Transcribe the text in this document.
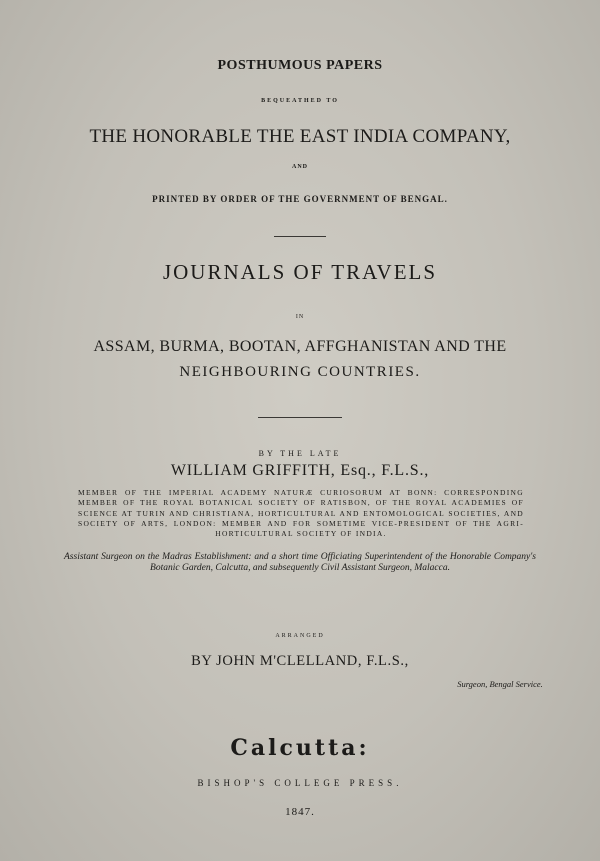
POSTHUMOUS PAPERS
BEQUEATHED TO
THE HONORABLE THE EAST INDIA COMPANY,
AND
PRINTED BY ORDER OF THE GOVERNMENT OF BENGAL.
JOURNALS OF TRAVELS
IN
ASSAM, BURMA, BOOTAN, AFFGHANISTAN AND THE
NEIGHBOURING COUNTRIES.
BY THE LATE
WILLIAM GRIFFITH, Esq., F.L.S.,
MEMBER OF THE IMPERIAL ACADEMY NATURÆ CURIOSORUM AT BONN: CORRESPONDING MEMBER OF THE ROYAL BOTANICAL SOCIETY OF RATISBON, OF THE ROYAL ACADEMIES OF SCIENCE AT TURIN AND CHRISTIANA, HORTICULTURAL AND ENTOMOLOGICAL SOCIETIES, AND SOCIETY OF ARTS, LONDON: MEMBER AND FOR SOMETIME VICE-PRESIDENT OF THE AGRI-HORTICULTURAL SOCIETY OF INDIA.
Assistant Surgeon on the Madras Establishment: and a short time Officiating Superintendent of the Honorable Company's Botanic Garden, Calcutta, and subsequently Civil Assistant Surgeon, Malacca.
ARRANGED
BY JOHN M'CLELLAND, F.L.S.,
Surgeon, Bengal Service.
Calcutta:
BISHOP'S COLLEGE PRESS.
1847.
